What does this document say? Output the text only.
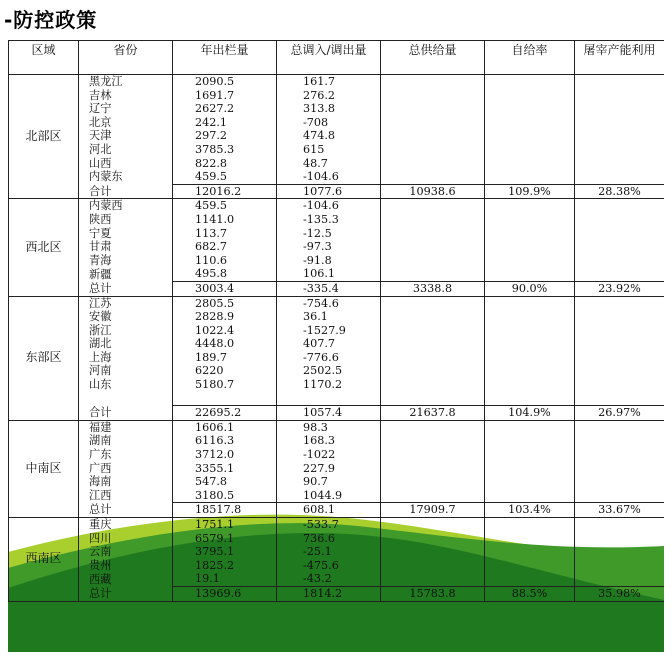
-防控政策
区域	省份	年出栏量	总调入/调出量	总供给量	自给率	屠宰产能利用
北部区	黑龙江	2090.5	161.7			
	吉林	1691.7	276.2			
	辽宁	2627.2	313.8			
	北京	242.1	-708			
	天津	297.2	474.8			
	河北	3785.3	615			
	山西	822.8	48.7			
	内蒙东	459.5	-104.6			
	合计	12016.2	1077.6	10938.6	109.9%	28.38%
西北区	内蒙西	459.5	-104.6			
	陕西	1141.0	-135.3			
	宁夏	113.7	-12.5			
	甘肃	682.7	-97.3			
	青海	110.6	-91.8			
	新疆	495.8	106.1			
	总计	3003.4	-335.4	3338.8	90.0%	23.92%
东部区	江苏	2805.5	-754.6			
	安徽	2828.9	36.1			
	浙江	1022.4	-1527.9			
	湖北	4448.0	407.7			
	上海	189.7	-776.6			
	河南	6220	2502.5			
	山东	5180.7	1170.2			

	合计	22695.2	1057.4	21637.8	104.9%	26.97%
中南区	福建	1606.1	98.3			
	湖南	6116.3	168.3			
	广东	3712.0	-1022			
	广西	3355.1	227.9			
	海南	547.8	90.7			
	江西	3180.5	1044.9			
	总计	18517.8	608.1	17909.7	103.4%	33.67%
西南区	重庆	1751.1	-533.7			
	四川	6579.1	736.6			
	云南	3795.1	-25.1			
	贵州	1825.2	-475.6			
	西藏	19.1	-43.2			
	总计	13969.6	1814.2	15783.8	88.5%	35.98%
